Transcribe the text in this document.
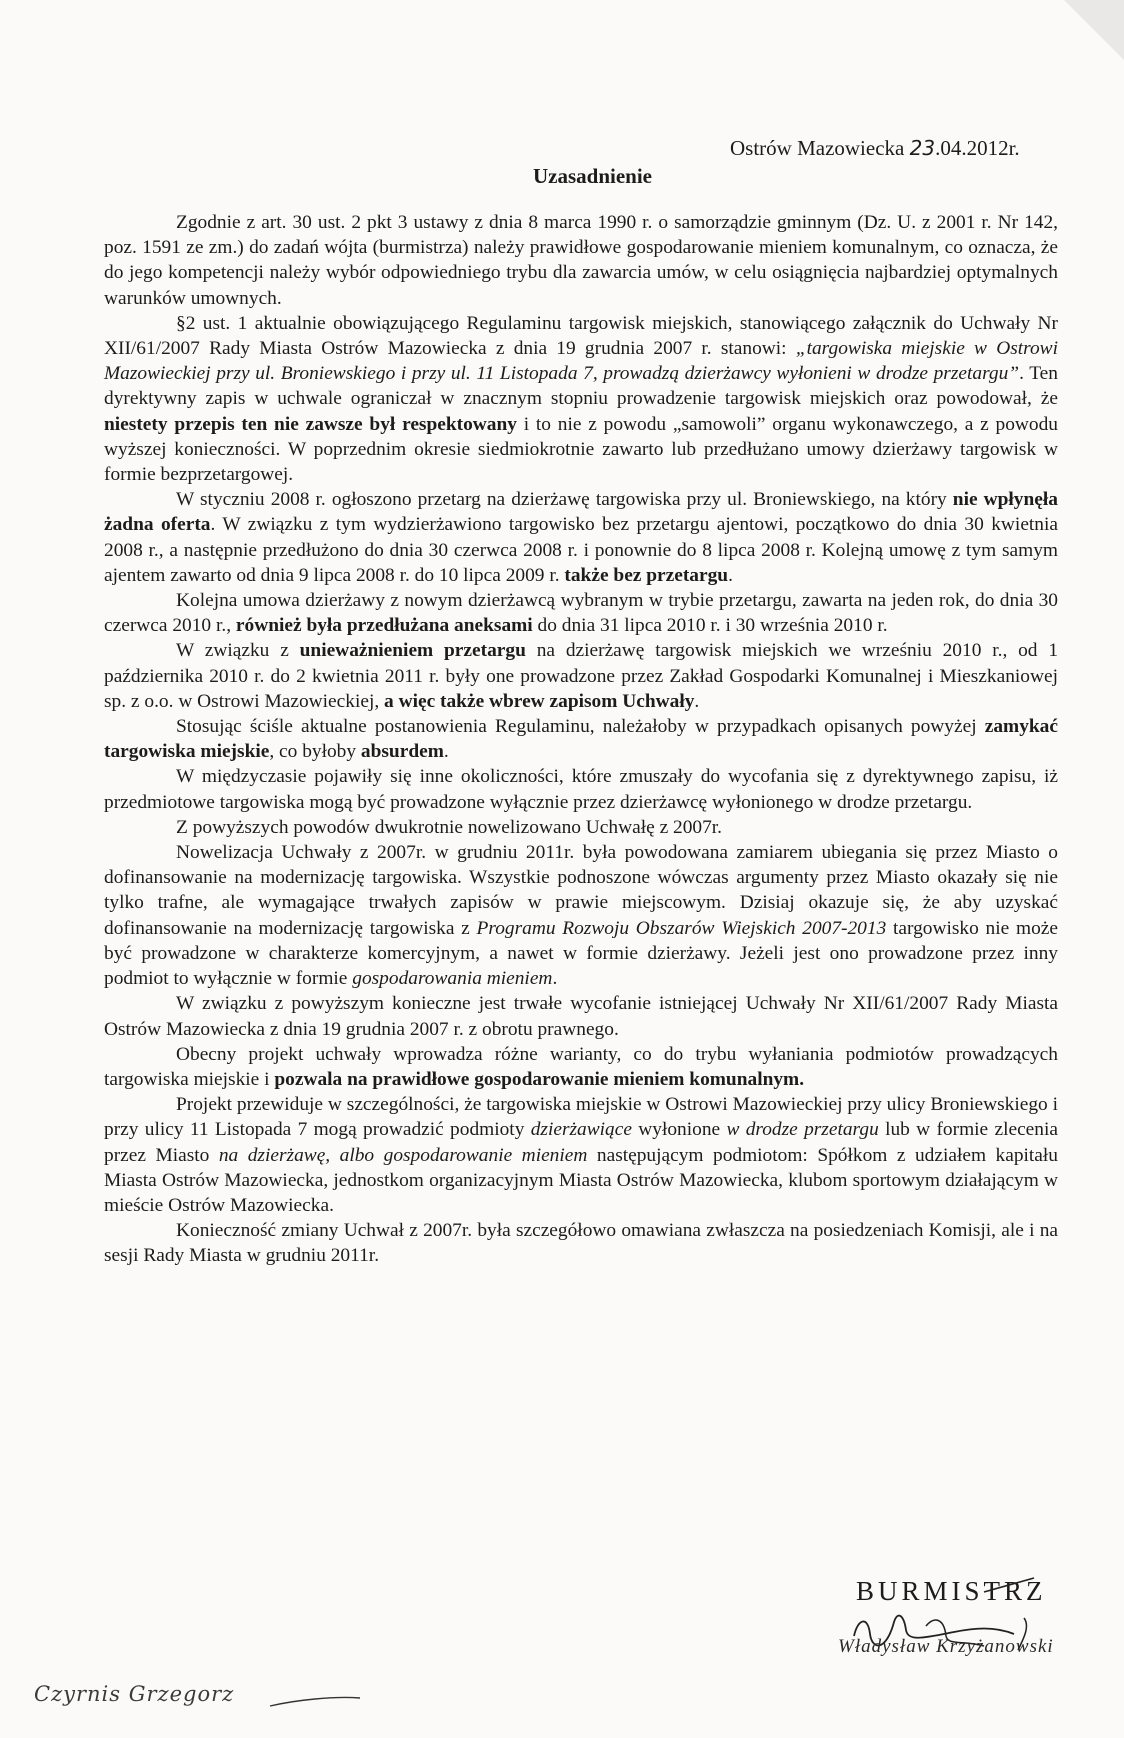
Ostrów Mazowiecka 23.04.2012r.
Uzasadnienie

Zgodnie z art. 30 ust. 2 pkt 3 ustawy z dnia 8 marca 1990 r. o samorządzie gminnym (Dz. U. z 2001 r. Nr 142, poz. 1591 ze zm.) do zadań wójta (burmistrza) należy prawidłowe gospodarowanie mieniem komunalnym, co oznacza, że do jego kompetencji należy wybór odpowiedniego trybu dla zawarcia umów, w celu osiągnięcia najbardziej optymalnych warunków umownych.

§2 ust. 1 aktualnie obowiązującego Regulaminu targowisk miejskich, stanowiącego załącznik do Uchwały Nr XII/61/2007 Rady Miasta Ostrów Mazowiecka z dnia 19 grudnia 2007 r. stanowi: „targowiska miejskie w Ostrowi Mazowieckiej przy ul. Broniewskiego i przy ul. 11 Listopada 7, prowadzą dzierżawcy wyłonieni w drodze przetargu”. Ten dyrektywny zapis w uchwale ograniczał w znacznym stopniu prowadzenie targowisk miejskich oraz powodował, że niestety przepis ten nie zawsze był respektowany i to nie z powodu „samowoli” organu wykonawczego, a z powodu wyższej konieczności. W poprzednim okresie siedmiokrotnie zawarto lub przedłużano umowy dzierżawy targowisk w formie bezprzetargowej.

W styczniu 2008 r. ogłoszono przetarg na dzierżawę targowiska przy ul. Broniewskiego, na który nie wpłynęła żadna oferta. W związku z tym wydzierżawiono targowisko bez przetargu ajentowi, początkowo do dnia 30 kwietnia 2008 r., a następnie przedłużono do dnia 30 czerwca 2008 r. i ponownie do 8 lipca 2008 r. Kolejną umowę z tym samym ajentem zawarto od dnia 9 lipca 2008 r. do 10 lipca 2009 r. także bez przetargu.

Kolejna umowa dzierżawy z nowym dzierżawcą wybranym w trybie przetargu, zawarta na jeden rok, do dnia 30 czerwca 2010 r., również była przedłużana aneksami do dnia 31 lipca 2010 r. i 30 września 2010 r.

W związku z unieważnieniem przetargu na dzierżawę targowisk miejskich we wrześniu 2010 r., od 1 października 2010 r. do 2 kwietnia 2011 r. były one prowadzone przez Zakład Gospodarki Komunalnej i Mieszkaniowej sp. z o.o. w Ostrowi Mazowieckiej, a więc także wbrew zapisom Uchwały.

Stosując ściśle aktualne postanowienia Regulaminu, należałoby w przypadkach opisanych powyżej zamykać targowiska miejskie, co byłoby absurdem.

W międzyczasie pojawiły się inne okoliczności, które zmuszały do wycofania się z dyrektywnego zapisu, iż przedmiotowe targowiska mogą być prowadzone wyłącznie przez dzierżawcę wyłonionego w drodze przetargu.

Z powyższych powodów dwukrotnie nowelizowano Uchwałę z 2007r.

Nowelizacja Uchwały z 2007r. w grudniu 2011r. była powodowana zamiarem ubiegania się przez Miasto o dofinansowanie na modernizację targowiska. Wszystkie podnoszone wówczas argumenty przez Miasto okazały się nie tylko trafne, ale wymagające trwałych zapisów w prawie miejscowym. Dzisiaj okazuje się, że aby uzyskać dofinansowanie na modernizację targowiska z Programu Rozwoju Obszarów Wiejskich 2007-2013 targowisko nie może być prowadzone w charakterze komercyjnym, a nawet w formie dzierżawy. Jeżeli jest ono prowadzone przez inny podmiot to wyłącznie w formie gospodarowania mieniem.

W związku z powyższym konieczne jest trwałe wycofanie istniejącej Uchwały Nr XII/61/2007 Rady Miasta Ostrów Mazowiecka z dnia 19 grudnia 2007 r. z obrotu prawnego.

Obecny projekt uchwały wprowadza różne warianty, co do trybu wyłaniania podmiotów prowadzących targowiska miejskie i pozwala na prawidłowe gospodarowanie mieniem komunalnym.

Projekt przewiduje w szczególności, że targowiska miejskie w Ostrowi Mazowieckiej przy ulicy Broniewskiego i przy ulicy 11 Listopada 7 mogą prowadzić podmioty dzierżawiące wyłonione w drodze przetargu lub w formie zlecenia przez Miasto na dzierżawę, albo gospodarowanie mieniem następującym podmiotom: Spółkom z udziałem kapitału Miasta Ostrów Mazowiecka, jednostkom organizacyjnym Miasta Ostrów Mazowiecka, klubom sportowym działającym w mieście Ostrów Mazowiecka.

Konieczność zmiany Uchwał z 2007r. była szczegółowo omawiana zwłaszcza na posiedzeniach Komisji, ale i na sesji Rady Miasta w grudniu 2011r.

BURMISTRZ
Władysław Krzyżanowski
Czyrnis Grzegorz
